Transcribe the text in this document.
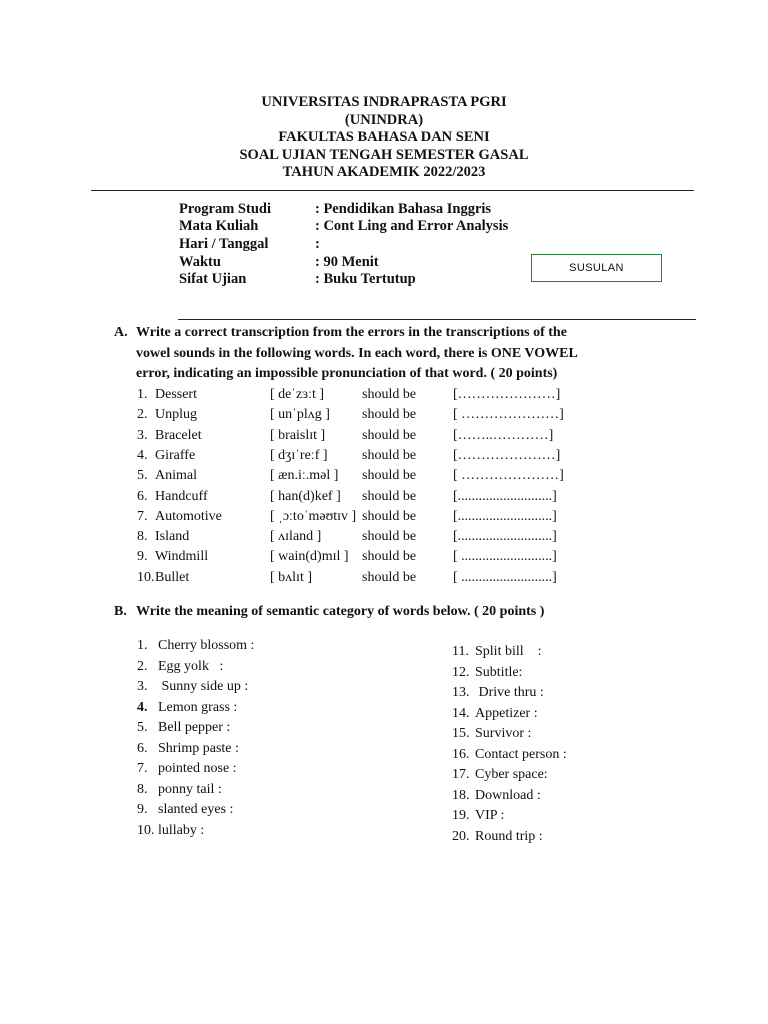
UNIVERSITAS INDRAPRASTA PGRI
(UNINDRA)
FAKULTAS BAHASA DAN SENI
SOAL UJIAN TENGAH SEMESTER GASAL
TAHUN AKADEMIK 2022/2023
Program Studi	: Pendidikan Bahasa Inggris
Mata Kuliah	: Cont Ling and Error Analysis
Hari / Tanggal	:
Waktu	: 90 Menit
Sifat Ujian	: Buku Tertutup
SUSULAN
A. Write a correct transcription from the errors in the transcriptions of the
vowel sounds in the following words. In each word, there is ONE VOWEL
error, indicating an impossible pronunciation of that word. ( 20 points)
1. Dessert	[ deˈzɜːt ]	should be	[…………………]
2. Unplug	[ unˈplʌg ] should be	[ …………………]
3. Bracelet	[ braislɪt ]	should be	[……..…………]
4. Giraffe	[ dʒɪˈreːf ] should be	[…………………]
5. Animal	[ æn.iː.məl ] should be	[ …………………]
6. Handcuff	[ han(d)kef ] should be	[...........................]
7. Automotive	[ ˌɔːtoˈməʊtɪv ] should be	[...........................]
8. Island	[ ʌɪland ]	should be	[...........................]
9. Windmill	[ wain(d)mɪl ] should be	[ ..........................]
10. Bullet	[ bʌlɪt ]	should be	[ ..........................]
B. Write the meaning of semantic category of words below. ( 20 points )
1. Cherry blossom :
2. Egg yolk   :
3. Sunny side up :
4. Lemon grass :
5. Bell pepper :
6. Shrimp paste :
7. pointed nose :
8. ponny tail :
9. slanted eyes :
10. lullaby :
11. Split bill    :
12. Subtitle:
13. Drive thru :
14. Appetizer :
15. Survivor :
16. Contact person :
17. Cyber space:
18. Download :
19. VIP :
20. Round trip :
